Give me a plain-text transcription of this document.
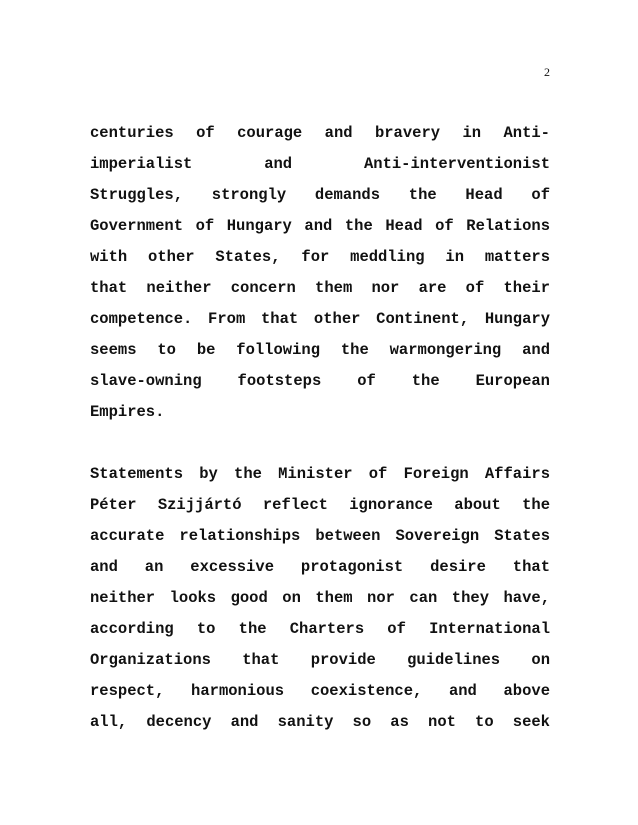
2
centuries of courage and bravery in Anti-
imperialist and Anti-interventionist
Struggles, strongly demands the Head of
Government of Hungary and the Head of Relations
with other States, for meddling in matters
that neither concern them nor are of their
competence. From that other Continent, Hungary
seems to be following the warmongering and
slave-owning footsteps of the European
Empires.
Statements by the Minister of Foreign Affairs
Péter Szijjártó reflect ignorance about the
accurate relationships between Sovereign States
and an excessive protagonist desire that
neither looks good on them nor can they have,
according to the Charters of International
Organizations that provide guidelines on
respect, harmonious coexistence, and above
all, decency and sanity so as not to seek
